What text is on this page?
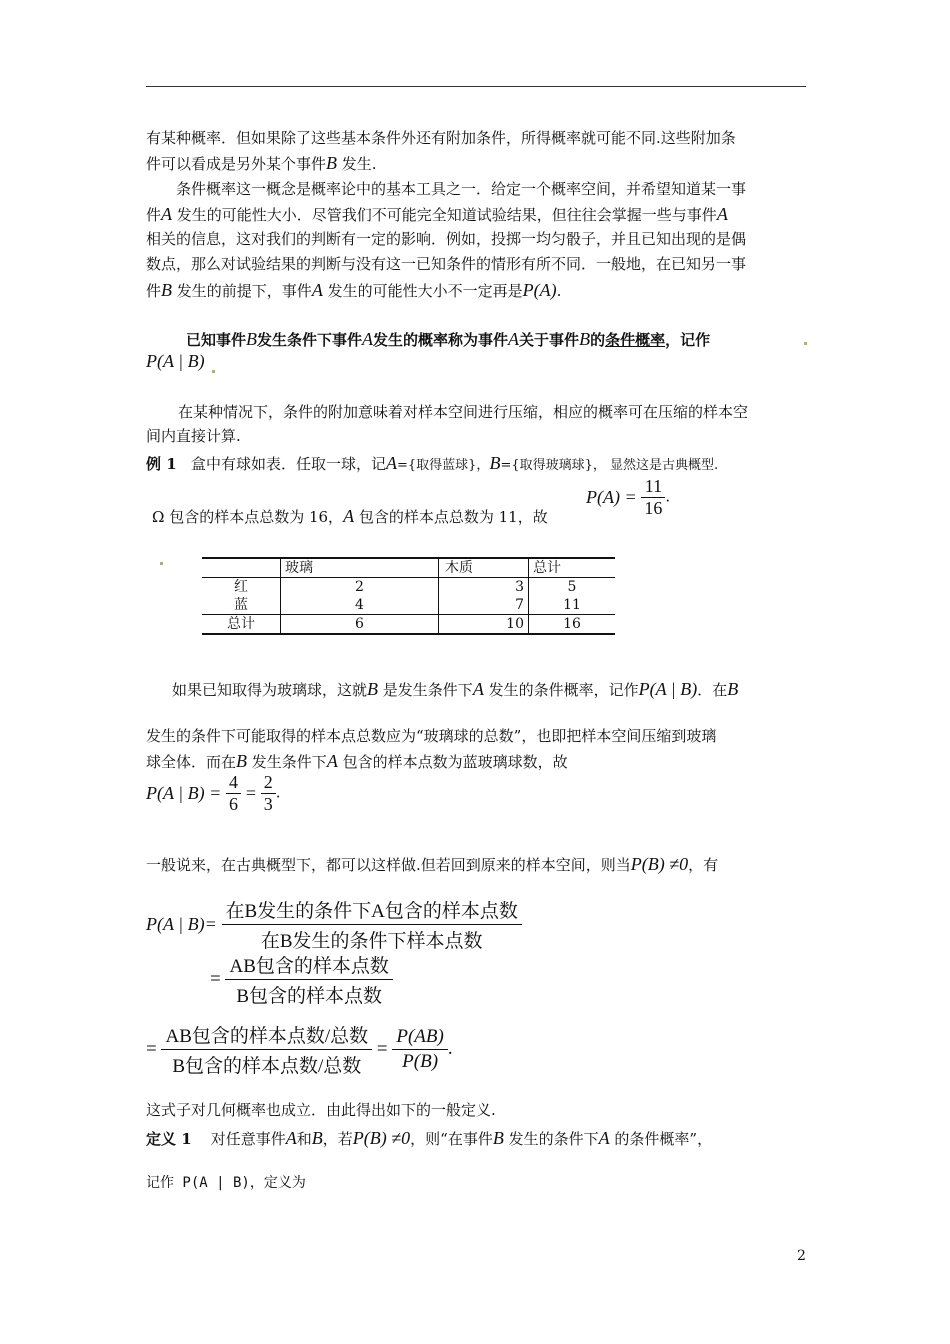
有某种概率．但如果除了这些基本条件外还有附加条件，所得概率就可能不同.这些附加条
件可以看成是另外某个事件B 发生.
条件概率这一概念是概率论中的基本工具之一．给定一个概率空间，并希望知道某一事
件A 发生的可能性大小．尽管我们不可能完全知道试验结果，但往往会掌握一些与事件A
相关的信息，这对我们的判断有一定的影响．例如，投掷一均匀骰子，并且已知出现的是偶
数点，那么对试验结果的判断与没有这一已知条件的情形有所不同．一般地，在已知另一事
件B 发生的前提下，事件A 发生的可能性大小不一定再是P(A).
已知事件B发生条件下事件A发生的概率称为事件A关于事件B的条件概率，记作
P(A | B)
在某种情况下，条件的附加意味着对样本空间进行压缩，相应的概率可在压缩的样本空
间内直接计算.
例 1 盒中有球如表．任取一球，记A={取得蓝球}，B={取得玻璃球}， 显然这是古典概型.
Ω 包含的样本点总数为 16，A 包含的样本点总数为 11，故
$P(A) = \frac{11}{16}$ .
	玻璃	木质	总计
红	2	3	5
蓝	4	7	11
总计	6	10	16
如果已知取得为玻璃球，这就B 是发生条件下A 发生的条件概率，记作P(A | B)．在B
发生的条件下可能取得的样本点总数应为“玻璃球的总数”，也即把样本空间压缩到玻璃
球全体．而在B 发生条件下A 包含的样本点数为蓝玻璃球数，故
P(A | $B) = \frac{4}{6} = \frac{2}{3}$ .
一般说来，在古典概型下，都可以这样做.但若回到原来的样本空间，则当P(B) ≠0，有
P(A | $B)= \frac{\text{在B发生的条件下A包含的样本点数}}{\text{在B发生的条件下样本点数}}$
= $\frac{\text{AB包含的样本点数}}{\text{B包含的样本点数}}$
= $\frac{\text{AB包含的样本点数/总数}}{\text{B包含的样本点数/总数}} = \frac{P(AB)}{P(B)}$ .
这式子对几何概率也成立．由此得出如下的一般定义.
定义 1 对任意事件A和B，若P(B) ≠0，则“在事件B 发生的条件下A 的条件概率”，
记作 P(A | B)，定义为
2
